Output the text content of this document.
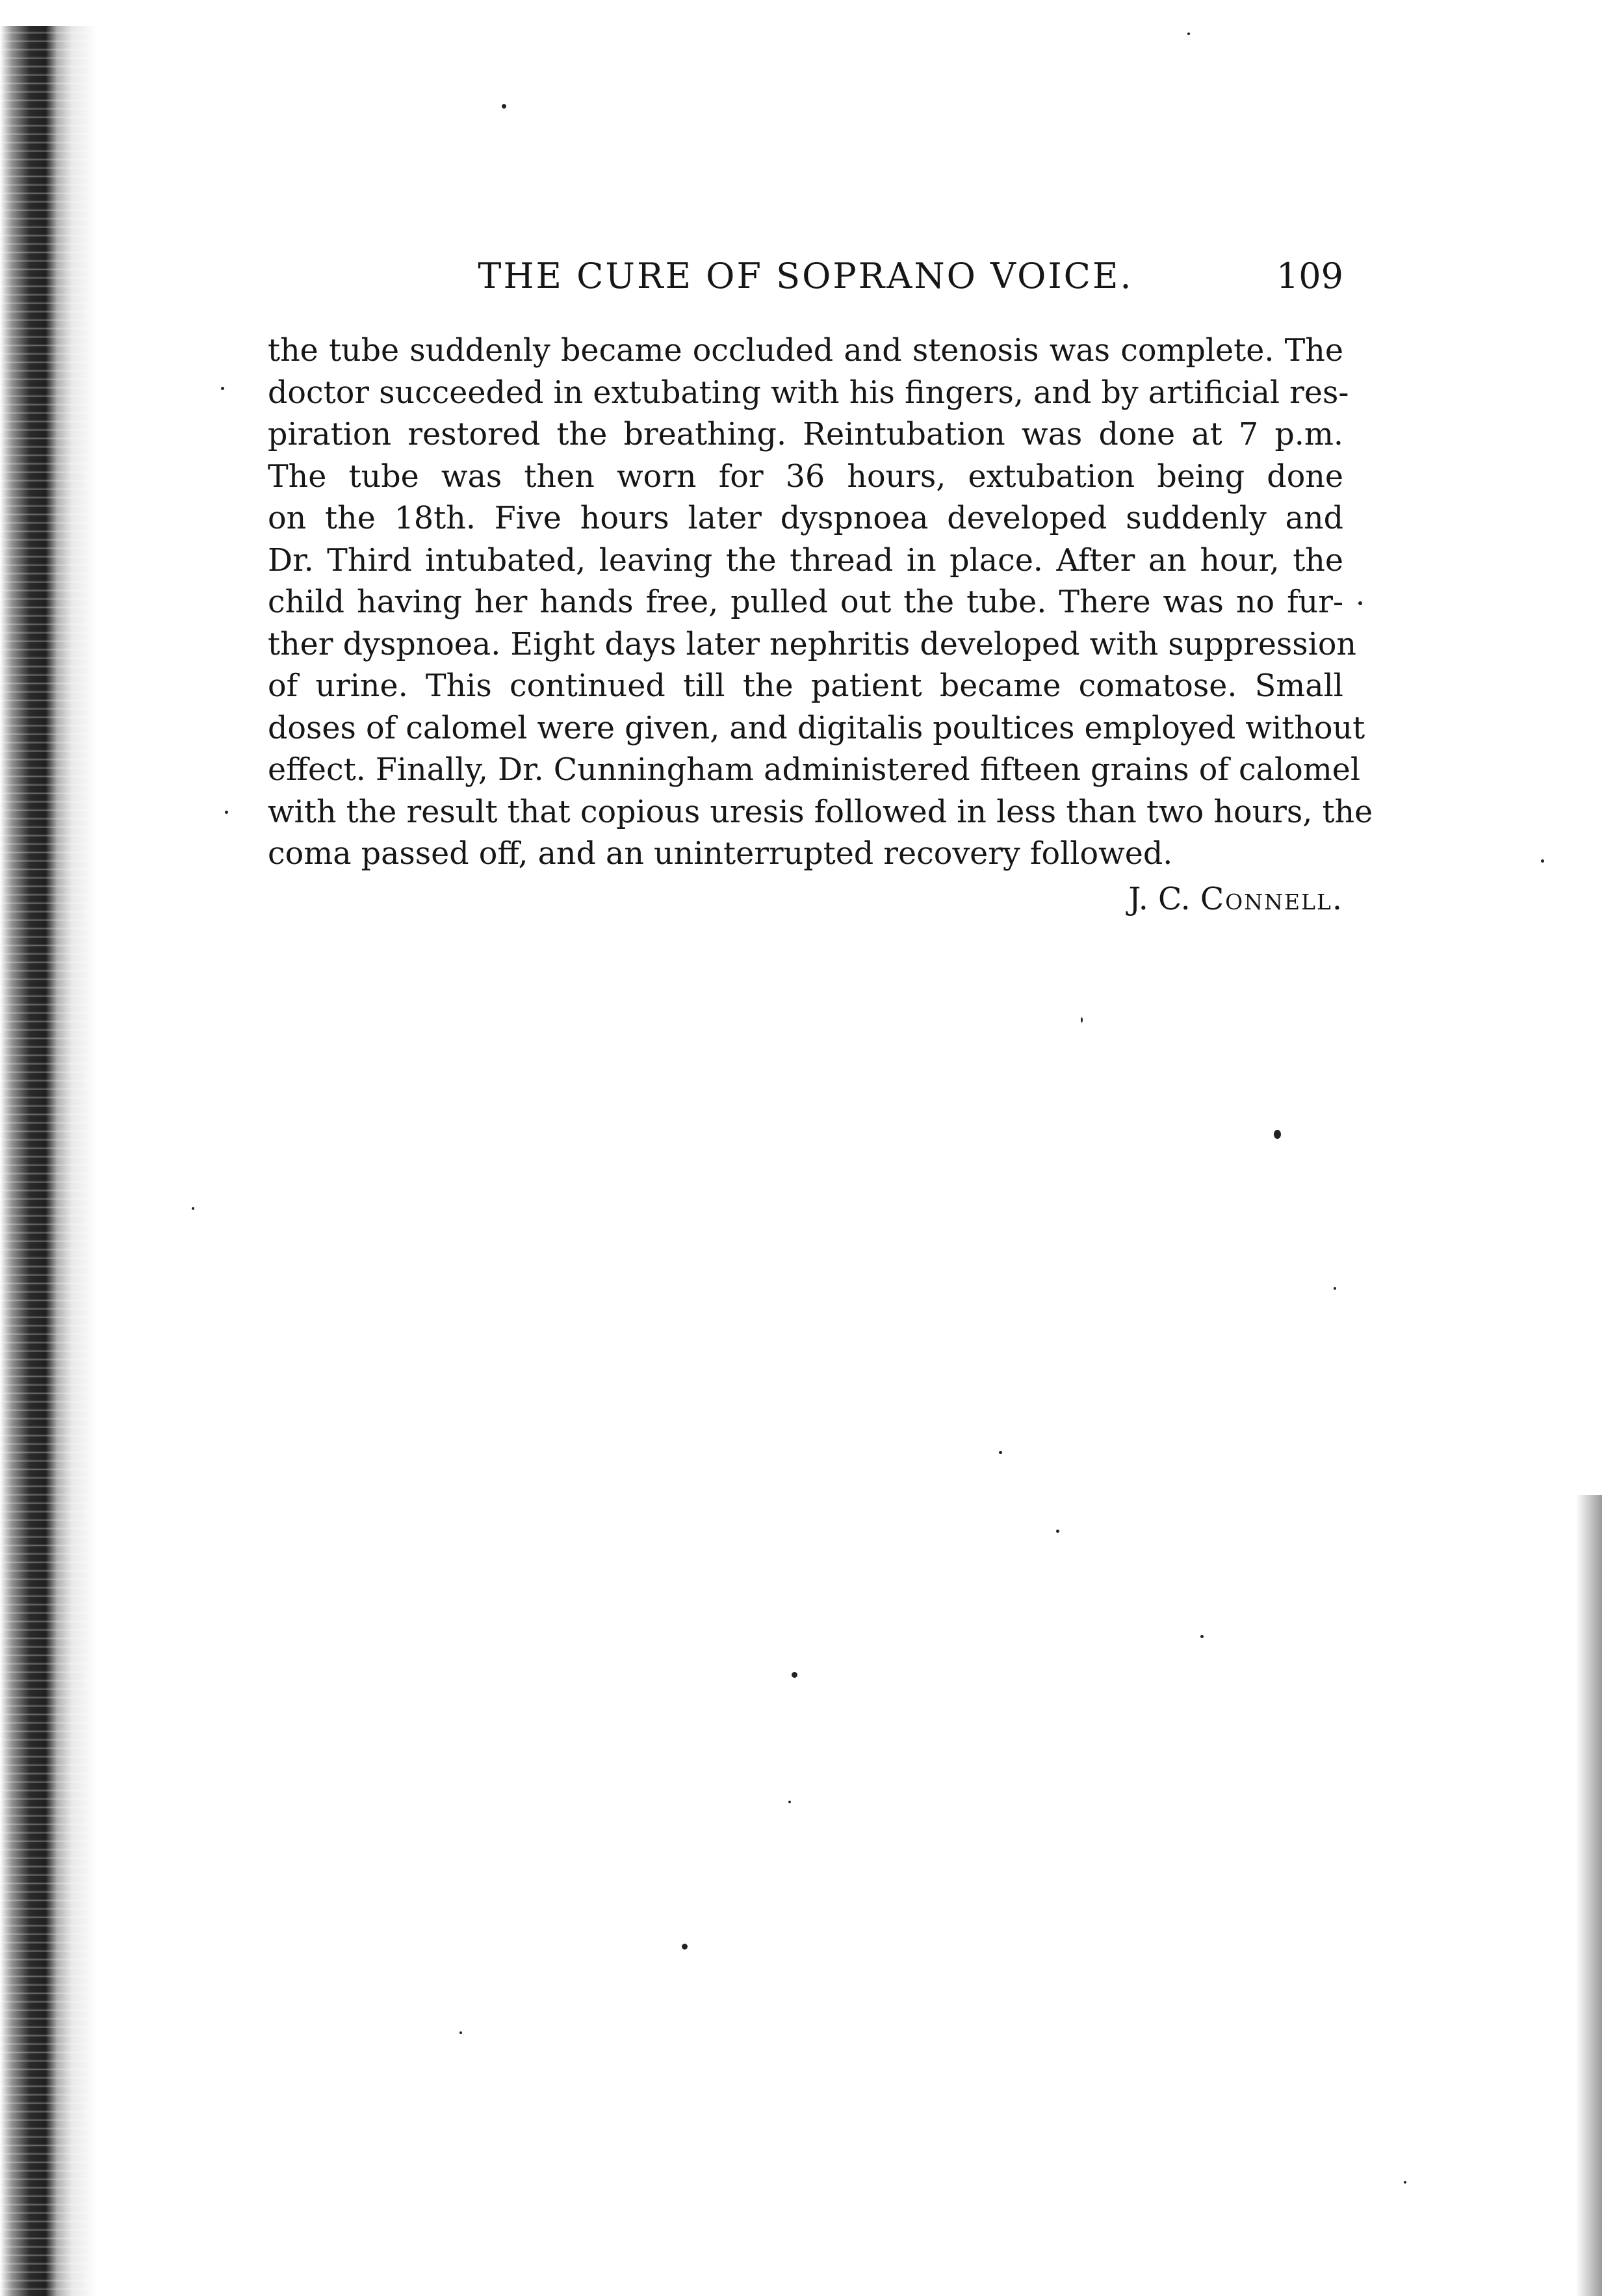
THE CURE OF SOPRANO VOICE.	109
the tube suddenly became occluded and stenosis was complete. The
doctor succeeded in extubating with his fingers, and by artificial res-
piration restored the breathing. Reintubation was done at 7 p.m.
The tube was then worn for 36 hours, extubation being done
on the 18th. Five hours later dyspnoea developed suddenly and
Dr. Third intubated, leaving the thread in place. After an hour, the
child having her hands free, pulled out the tube. There was no fur-
ther dyspnoea. Eight days later nephritis developed with suppression
of urine. This continued till the patient became comatose. Small
doses of calomel were given, and digitalis poultices employed without
effect. Finally, Dr. Cunningham administered fifteen grains of calomel
with the result that copious uresis followed in less than two hours, the
coma passed off, and an uninterrupted recovery followed.
J. C. Connell.
